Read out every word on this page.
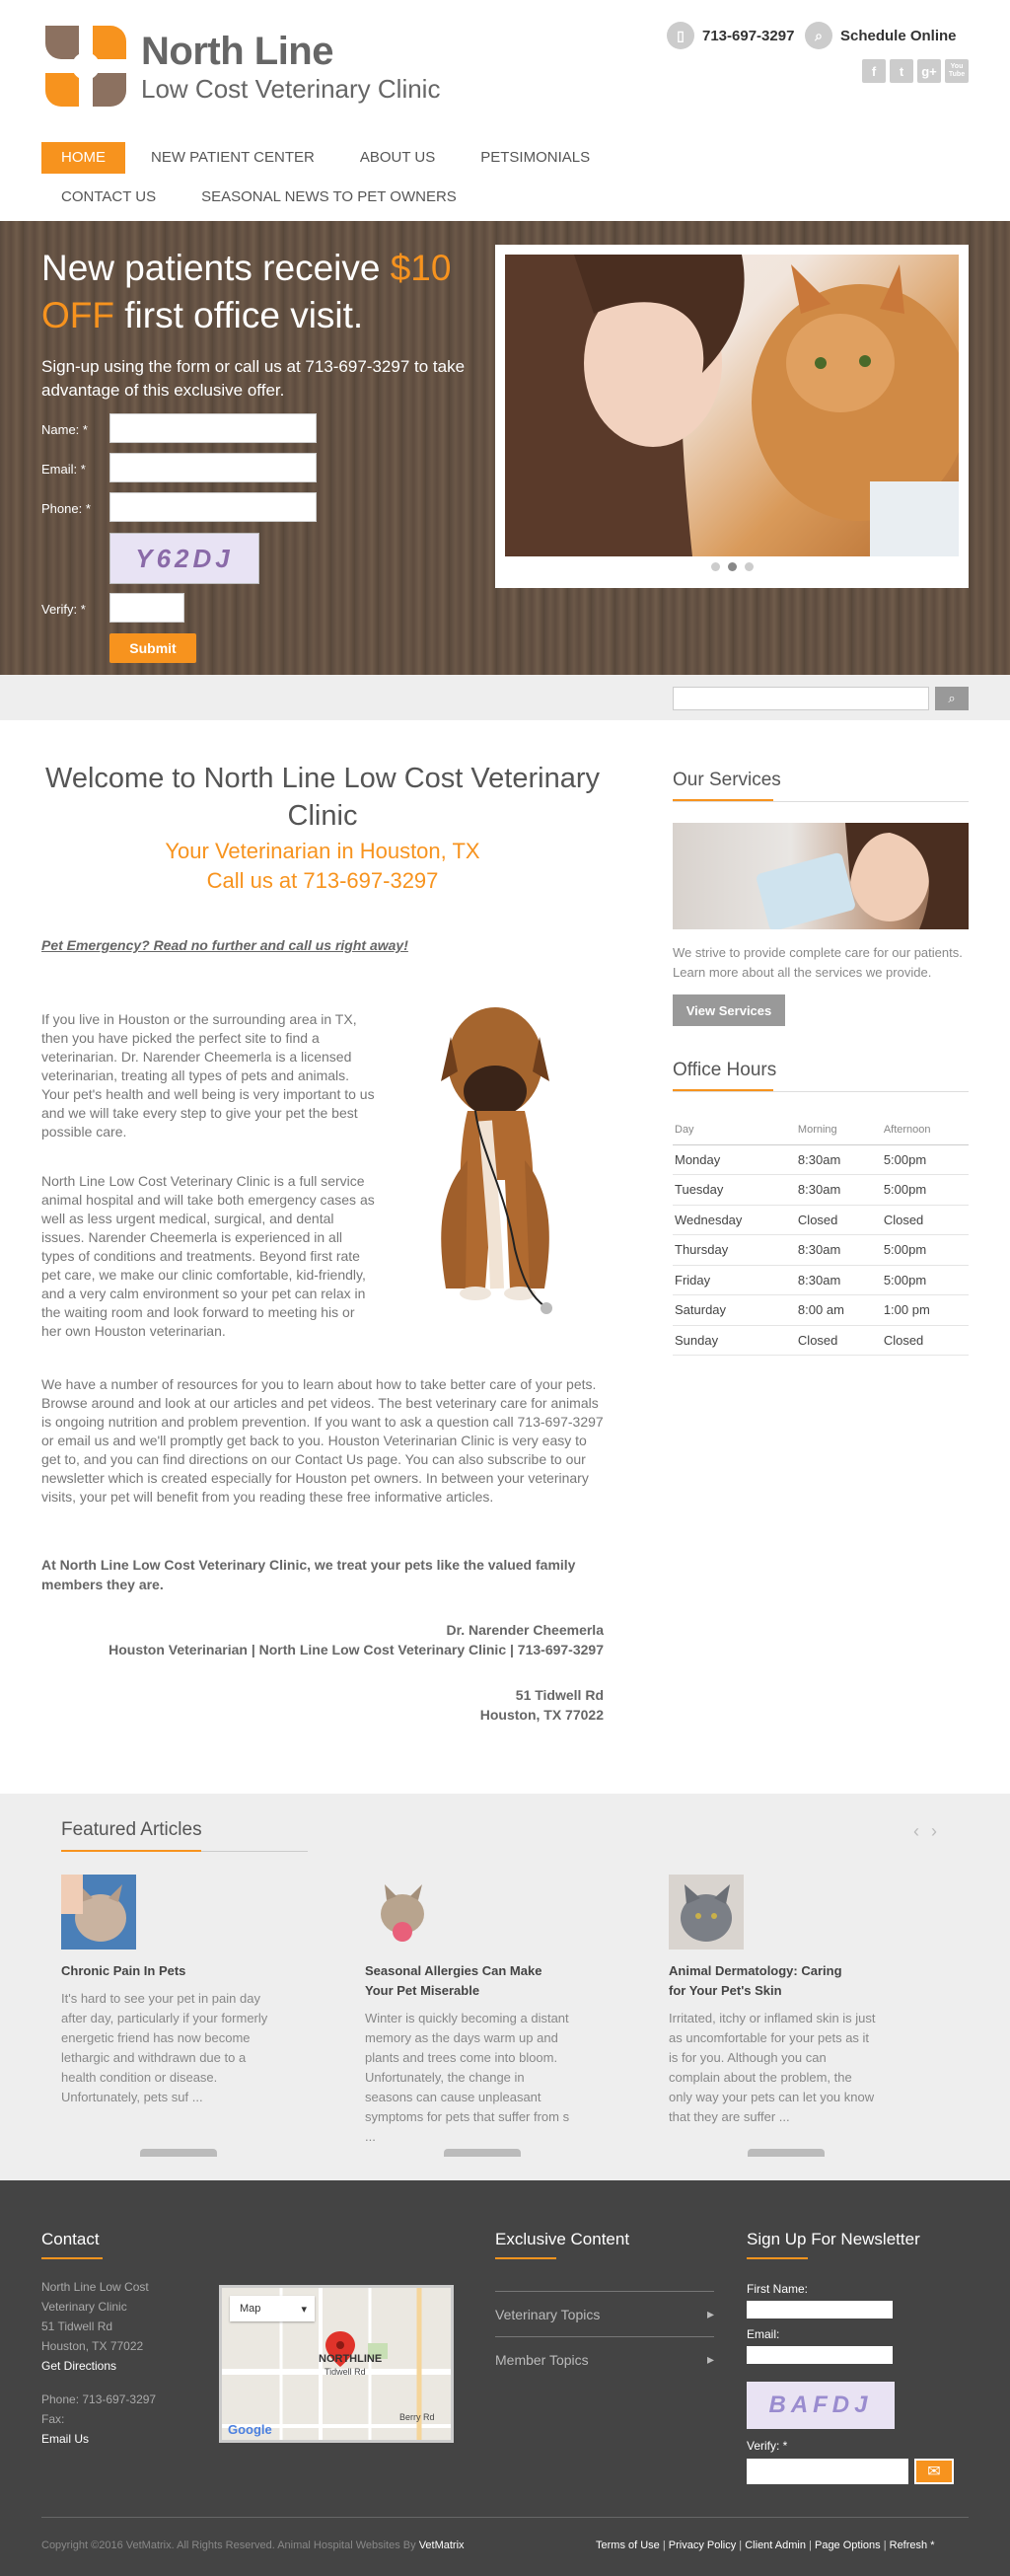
North Line
Low Cost Veterinary Clinic
▯	713-697-3297	⌕	Schedule Online
f	t	g+	You Tube
HOME	NEW PATIENT CENTER	ABOUT US	PETSIMONIALS
CONTACT US	SEASONAL NEWS TO PET OWNERS
New patients receive $10 OFF first office visit.
Sign-up using the form or call us at 713-697-3297 to take advantage of this exclusive offer.
Name: *
Email: *
Phone: *
Y62DJ
Verify: *
Submit
⌕
Welcome to North Line Low Cost Veterinary Clinic
Your Veterinarian in Houston, TX
Call us at 713-697-3297
Pet Emergency? Read no further and call us right away!
If you live in Houston or the surrounding area in TX, then you have picked the perfect site to find a veterinarian. Dr. Narender Cheemerla is a licensed veterinarian, treating all types of pets and animals. Your pet's health and well being is very important to us and we will take every step to give your pet the best possible care.
North Line Low Cost Veterinary Clinic is a full service animal hospital and will take both emergency cases as well as less urgent medical, surgical, and dental issues. Narender Cheemerla is experienced in all types of conditions and treatments. Beyond first rate pet care, we make our clinic comfortable, kid-friendly, and a very calm environment so your pet can relax in the waiting room and look forward to meeting his or her own Houston veterinarian.
We have a number of resources for you to learn about how to take better care of your pets. Browse around and look at our articles and pet videos. The best veterinary care for animals is ongoing nutrition and problem prevention. If you want to ask a question call 713-697-3297 or email us and we'll promptly get back to you. Houston Veterinarian Clinic is very easy to get to, and you can find directions on our Contact Us page. You can also subscribe to our newsletter which is created especially for Houston pet owners. In between your veterinary visits, your pet will benefit from you reading these free informative articles.
At North Line Low Cost Veterinary Clinic, we treat your pets like the valued family members they are.
Dr. Narender Cheemerla
Houston Veterinarian | North Line Low Cost Veterinary Clinic | 713-697-3297
51 Tidwell Rd
Houston, TX 77022
Our Services
We strive to provide complete care for our patients. Learn more about all the services we provide.
View Services
Office Hours
Day	Morning	Afternoon
Monday	8:30am	5:00pm
Tuesday	8:30am	5:00pm
Wednesday	Closed	Closed
Thursday	8:30am	5:00pm
Friday	8:30am	5:00pm
Saturday	8:00 am	1:00 pm
Sunday	Closed	Closed
Featured Articles	‹›
Chronic Pain In Pets
It's hard to see your pet in pain day after day, particularly if your formerly energetic friend has now become lethargic and withdrawn due to a health condition or disease. Unfortunately, pets suf ...
Seasonal Allergies Can Make Your Pet Miserable
Winter is quickly becoming a distant memory as the days warm up and plants and trees come into bloom. Unfortunately, the change in seasons can cause unpleasant symptoms for pets that suffer from s ...
Animal Dermatology: Caring for Your Pet's Skin
Irritated, itchy or inflamed skin is just as uncomfortable for your pets as it is for you. Although you can complain about the problem, the only way your pets can let you know that they are suffer ...
Contact
North Line Low Cost
Veterinary Clinic
51 Tidwell Rd
Houston, TX 77022
Get Directions
Phone: 713-697-3297
Fax:
Email Us
Map	▾
NORTHLINE
Tidwell Rd
Berry Rd
Google
Exclusive Content
Veterinary Topics	▸
Member Topics	▸
Sign Up For Newsletter
First Name:
Email:
BAFDJ
Verify: *
✉
Copyright ©2016 VetMatrix. All Rights Reserved. Animal Hospital Websites By VetMatrix	Terms of Use | Privacy Policy | Client Admin | Page Options | Refresh *
